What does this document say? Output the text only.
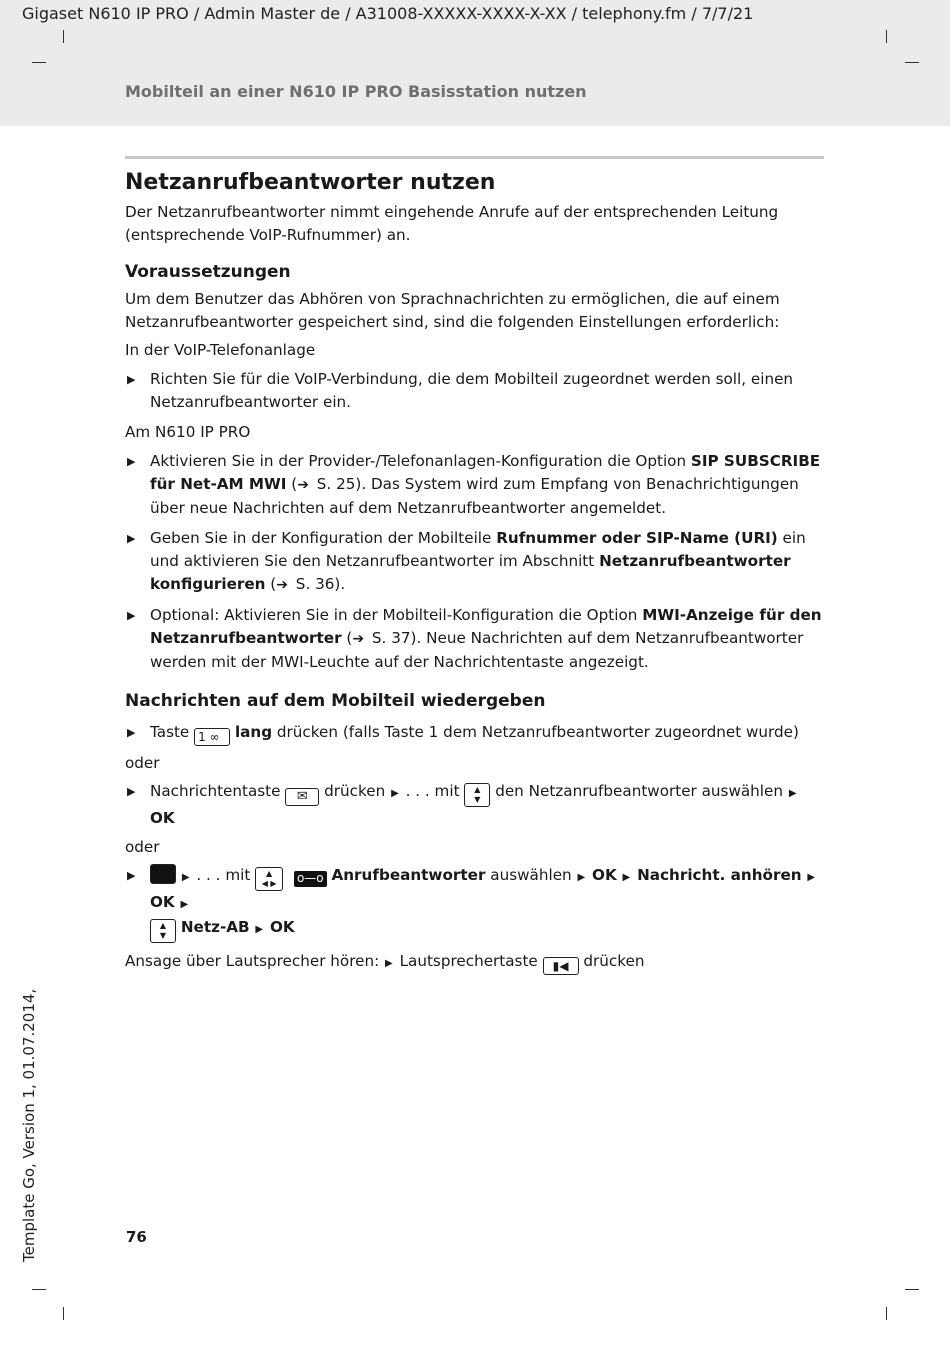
Gigaset N610 IP PRO / Admin Master de / A31008-XXXXX-XXXX-X-XX / telephony.fm / 7/7/21
Mobilteil an einer N610 IP PRO Basisstation nutzen
Netzanrufbeantworter nutzen

Der Netzanrufbeantworter nimmt eingehende Anrufe auf der entsprechenden Leitung (entsprechende VoIP-Rufnummer) an.

Voraussetzungen

Um dem Benutzer das Abhören von Sprachnachrichten zu ermöglichen, die auf einem Netzanrufbeantworter gespeichert sind, sind die folgenden Einstellungen erforderlich:

In der VoIP-Telefonanlage

▶ Richten Sie für die VoIP-Verbindung, die dem Mobilteil zugeordnet werden soll, einen Netzanrufbeantworter ein.

Am N610 IP PRO

▶ Aktivieren Sie in der Provider-/Telefonanlagen-Konfiguration die Option SIP SUBSCRIBE für Net-AM MWI (➔ S. 25). Das System wird zum Empfang von Benachrichtigungen über neue Nachrichten auf dem Netzanrufbeantworter angemeldet.
▶ Geben Sie in der Konfiguration der Mobilteile Rufnummer oder SIP-Name (URI) ein und aktivieren Sie den Netzanrufbeantworter im Abschnitt Netzanrufbeantworter konfigurieren (➔ S. 36).
▶ Optional: Aktivieren Sie in der Mobilteil-Konfiguration die Option MWI-Anzeige für den Netzanrufbeantworter (➔ S. 37). Neue Nachrichten auf dem Netzanrufbeantworter werden mit der MWI-Leuchte auf der Nachrichtentaste angezeigt.
Nachrichten auf dem Mobilteil wiedergeben
▶ Taste 1 ∞ lang drücken (falls Taste 1 dem Netzanrufbeantworter zugeordnet wurde)

oder

▶ Nachrichtentaste ✉ drücken ▶ . . . mit ▲
▼ den Netzanrufbeantworter auswählen ▶ OK

oder

▶	▶ . . . mit ▲
◀ ▶ o—o Anrufbeantworter auswählen ▶ OK ▶ Nachricht. anhören ▶ OK ▶
▲
▼ Netz-AB ▶ OK

Ansage über Lautsprecher hören: ▶ Lautsprechertaste ▮◀ drücken

76
Template Go, Version 1, 01.07.2014,
